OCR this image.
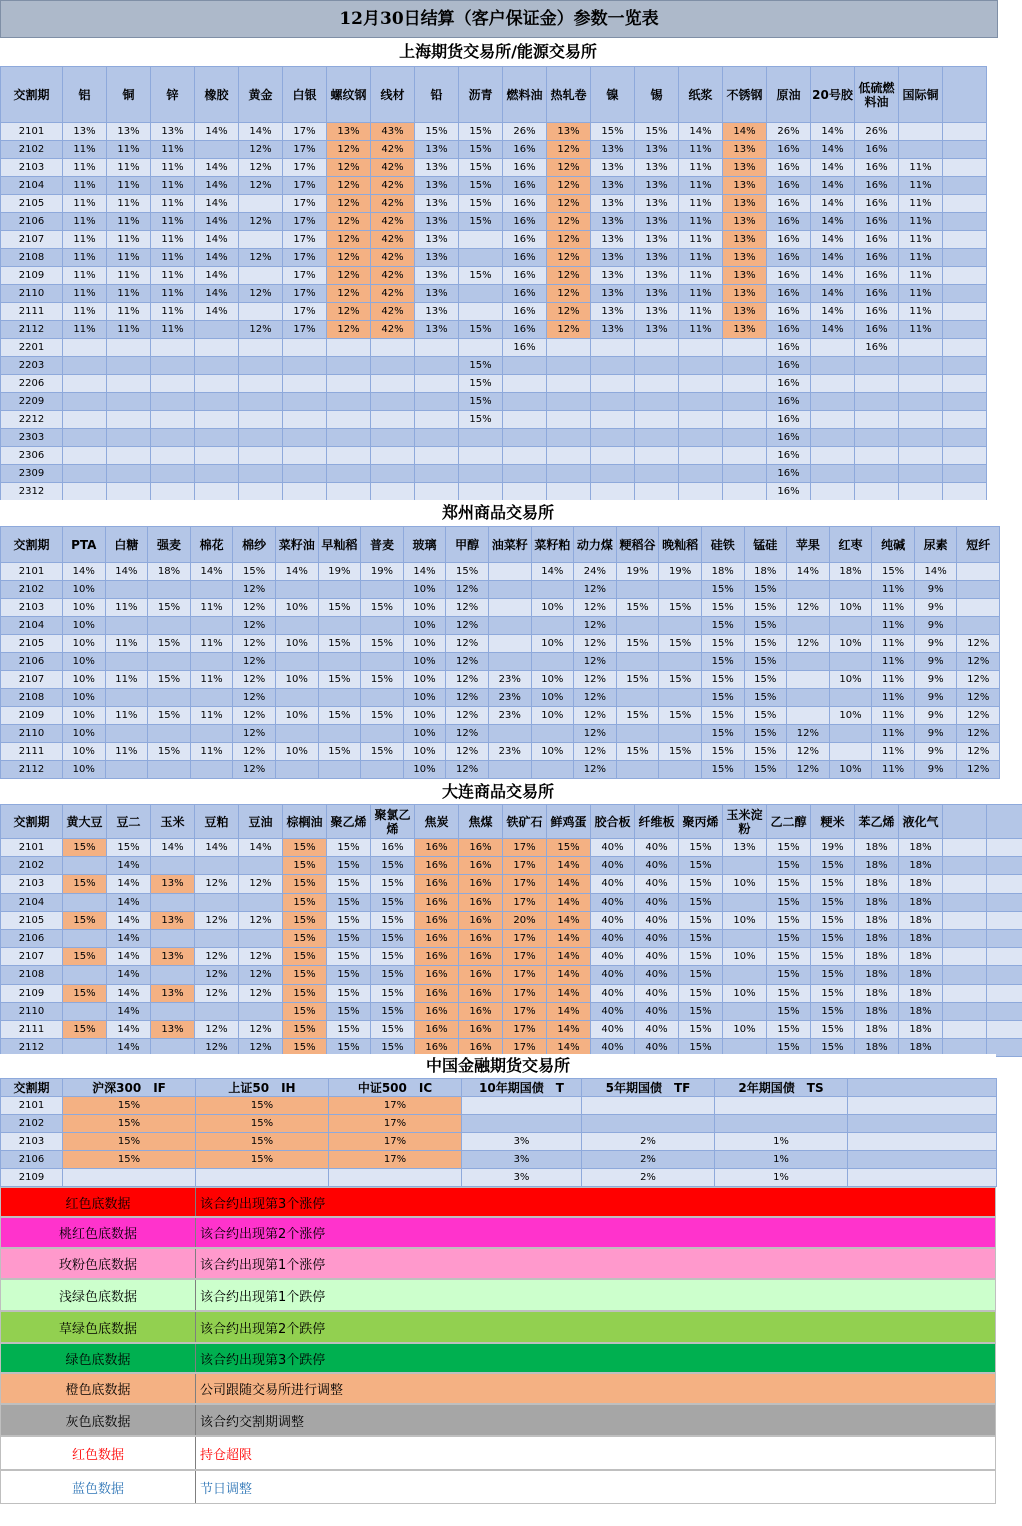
12月30日结算（客户保证金）参数一览表
上海期货交易所/能源交易所
交割期	铝	铜	锌	橡胶	黄金	白银	螺纹钢	线材	铅	沥青	燃料油	热轧卷	镍	锡	纸浆	不锈钢	原油	20号胶	低硫燃料油	国际铜	
2101	13%	13%	13%	14%	14%	17%	13%	43%	15%	15%	26%	13%	15%	15%	14%	14%	26%	14%	26%		
2102	11%	11%	11%		12%	17%	12%	42%	13%	15%	16%	12%	13%	13%	11%	13%	16%	14%	16%		
2103	11%	11%	11%	14%	12%	17%	12%	42%	13%	15%	16%	12%	13%	13%	11%	13%	16%	14%	16%	11%	
2104	11%	11%	11%	14%	12%	17%	12%	42%	13%	15%	16%	12%	13%	13%	11%	13%	16%	14%	16%	11%	
2105	11%	11%	11%	14%		17%	12%	42%	13%	15%	16%	12%	13%	13%	11%	13%	16%	14%	16%	11%	
2106	11%	11%	11%	14%	12%	17%	12%	42%	13%	15%	16%	12%	13%	13%	11%	13%	16%	14%	16%	11%	
2107	11%	11%	11%	14%		17%	12%	42%	13%		16%	12%	13%	13%	11%	13%	16%	14%	16%	11%	
2108	11%	11%	11%	14%	12%	17%	12%	42%	13%		16%	12%	13%	13%	11%	13%	16%	14%	16%	11%	
2109	11%	11%	11%	14%		17%	12%	42%	13%	15%	16%	12%	13%	13%	11%	13%	16%	14%	16%	11%	
2110	11%	11%	11%	14%	12%	17%	12%	42%	13%		16%	12%	13%	13%	11%	13%	16%	14%	16%	11%	
2111	11%	11%	11%	14%		17%	12%	42%	13%		16%	12%	13%	13%	11%	13%	16%	14%	16%	11%	
2112	11%	11%	11%		12%	17%	12%	42%	13%	15%	16%	12%	13%	13%	11%	13%	16%	14%	16%	11%	
2201											16%						16%		16%		
2203										15%							16%				
2206										15%							16%				
2209										15%							16%				
2212										15%							16%				
2303																	16%				
2306																	16%				
2309																	16%				
2312																	16%				
郑州商品交易所
交割期	PTA	白糖	强麦	棉花	棉纱	菜籽油	早籼稻	普麦	玻璃	甲醇	油菜籽	菜籽粕	动力煤	粳稻谷	晚籼稻	硅铁	锰硅	苹果	红枣	纯碱	尿素	短纤
2101	14%	14%	18%	14%	15%	14%	19%	19%	14%	15%		14%	24%	19%	19%	18%	18%	14%	18%	15%	14%	
2102	10%				12%				10%	12%			12%			15%	15%			11%	9%	
2103	10%	11%	15%	11%	12%	10%	15%	15%	10%	12%		10%	12%	15%	15%	15%	15%	12%	10%	11%	9%	
2104	10%				12%				10%	12%			12%			15%	15%			11%	9%	
2105	10%	11%	15%	11%	12%	10%	15%	15%	10%	12%		10%	12%	15%	15%	15%	15%	12%	10%	11%	9%	12%
2106	10%				12%				10%	12%			12%			15%	15%			11%	9%	12%
2107	10%	11%	15%	11%	12%	10%	15%	15%	10%	12%	23%	10%	12%	15%	15%	15%	15%		10%	11%	9%	12%
2108	10%				12%				10%	12%	23%	10%	12%			15%	15%			11%	9%	12%
2109	10%	11%	15%	11%	12%	10%	15%	15%	10%	12%	23%	10%	12%	15%	15%	15%	15%		10%	11%	9%	12%
2110	10%				12%				10%	12%			12%			15%	15%	12%		11%	9%	12%
2111	10%	11%	15%	11%	12%	10%	15%	15%	10%	12%	23%	10%	12%	15%	15%	15%	15%	12%		11%	9%	12%
2112	10%				12%				10%	12%			12%			15%	15%	12%	10%	11%	9%	12%
大连商品交易所
交割期	黄大豆	豆二	玉米	豆粕	豆油	棕榈油	聚乙烯	聚氯乙烯	焦炭	焦煤	铁矿石	鲜鸡蛋	胶合板	纤维板	聚丙烯	玉米淀粉	乙二醇	粳米	苯乙烯	液化气		
2101	15%	15%	14%	14%	14%	15%	15%	16%	16%	16%	17%	15%	40%	40%	15%	13%	15%	19%	18%	18%		
2102		14%				15%	15%	15%	16%	16%	17%	14%	40%	40%	15%		15%	15%	18%	18%		
2103	15%	14%	13%	12%	12%	15%	15%	15%	16%	16%	17%	14%	40%	40%	15%	10%	15%	15%	18%	18%		
2104		14%				15%	15%	15%	16%	16%	17%	14%	40%	40%	15%		15%	15%	18%	18%		
2105	15%	14%	13%	12%	12%	15%	15%	15%	16%	16%	20%	14%	40%	40%	15%	10%	15%	15%	18%	18%		
2106		14%				15%	15%	15%	16%	16%	17%	14%	40%	40%	15%		15%	15%	18%	18%		
2107	15%	14%	13%	12%	12%	15%	15%	15%	16%	16%	17%	14%	40%	40%	15%	10%	15%	15%	18%	18%		
2108		14%		12%	12%	15%	15%	15%	16%	16%	17%	14%	40%	40%	15%		15%	15%	18%	18%		
2109	15%	14%	13%	12%	12%	15%	15%	15%	16%	16%	17%	14%	40%	40%	15%	10%	15%	15%	18%	18%		
2110		14%				15%	15%	15%	16%	16%	17%	14%	40%	40%	15%		15%	15%	18%	18%		
2111	15%	14%	13%	12%	12%	15%	15%	15%	16%	16%	17%	14%	40%	40%	15%	10%	15%	15%	18%	18%		
2112		14%		12%	12%	15%	15%	15%	16%	16%	17%	14%	40%	40%	15%		15%	15%	18%	18%		
中国金融期货交易所
交割期	沪深300　IF	上证50　IH	中证500　IC	10年期国债　T	5年期国债　TF	2年期国债　TS	
2101	15%	15%	17%				
2102	15%	15%	17%				
2103	15%	15%	17%	3%	2%	1%	
2106	15%	15%	17%	3%	2%	1%	
2109				3%	2%	1%	
红色底数据	该合约出现第3个涨停
桃红色底数据	该合约出现第2个涨停
玫粉色底数据	该合约出现第1个涨停
浅绿色底数据	该合约出现第1个跌停
草绿色底数据	该合约出现第2个跌停
绿色底数据	该合约出现第3个跌停
橙色底数据	公司跟随交易所进行调整
灰色底数据	该合约交割期调整
红色数据	持仓超限
蓝色数据	节日调整
